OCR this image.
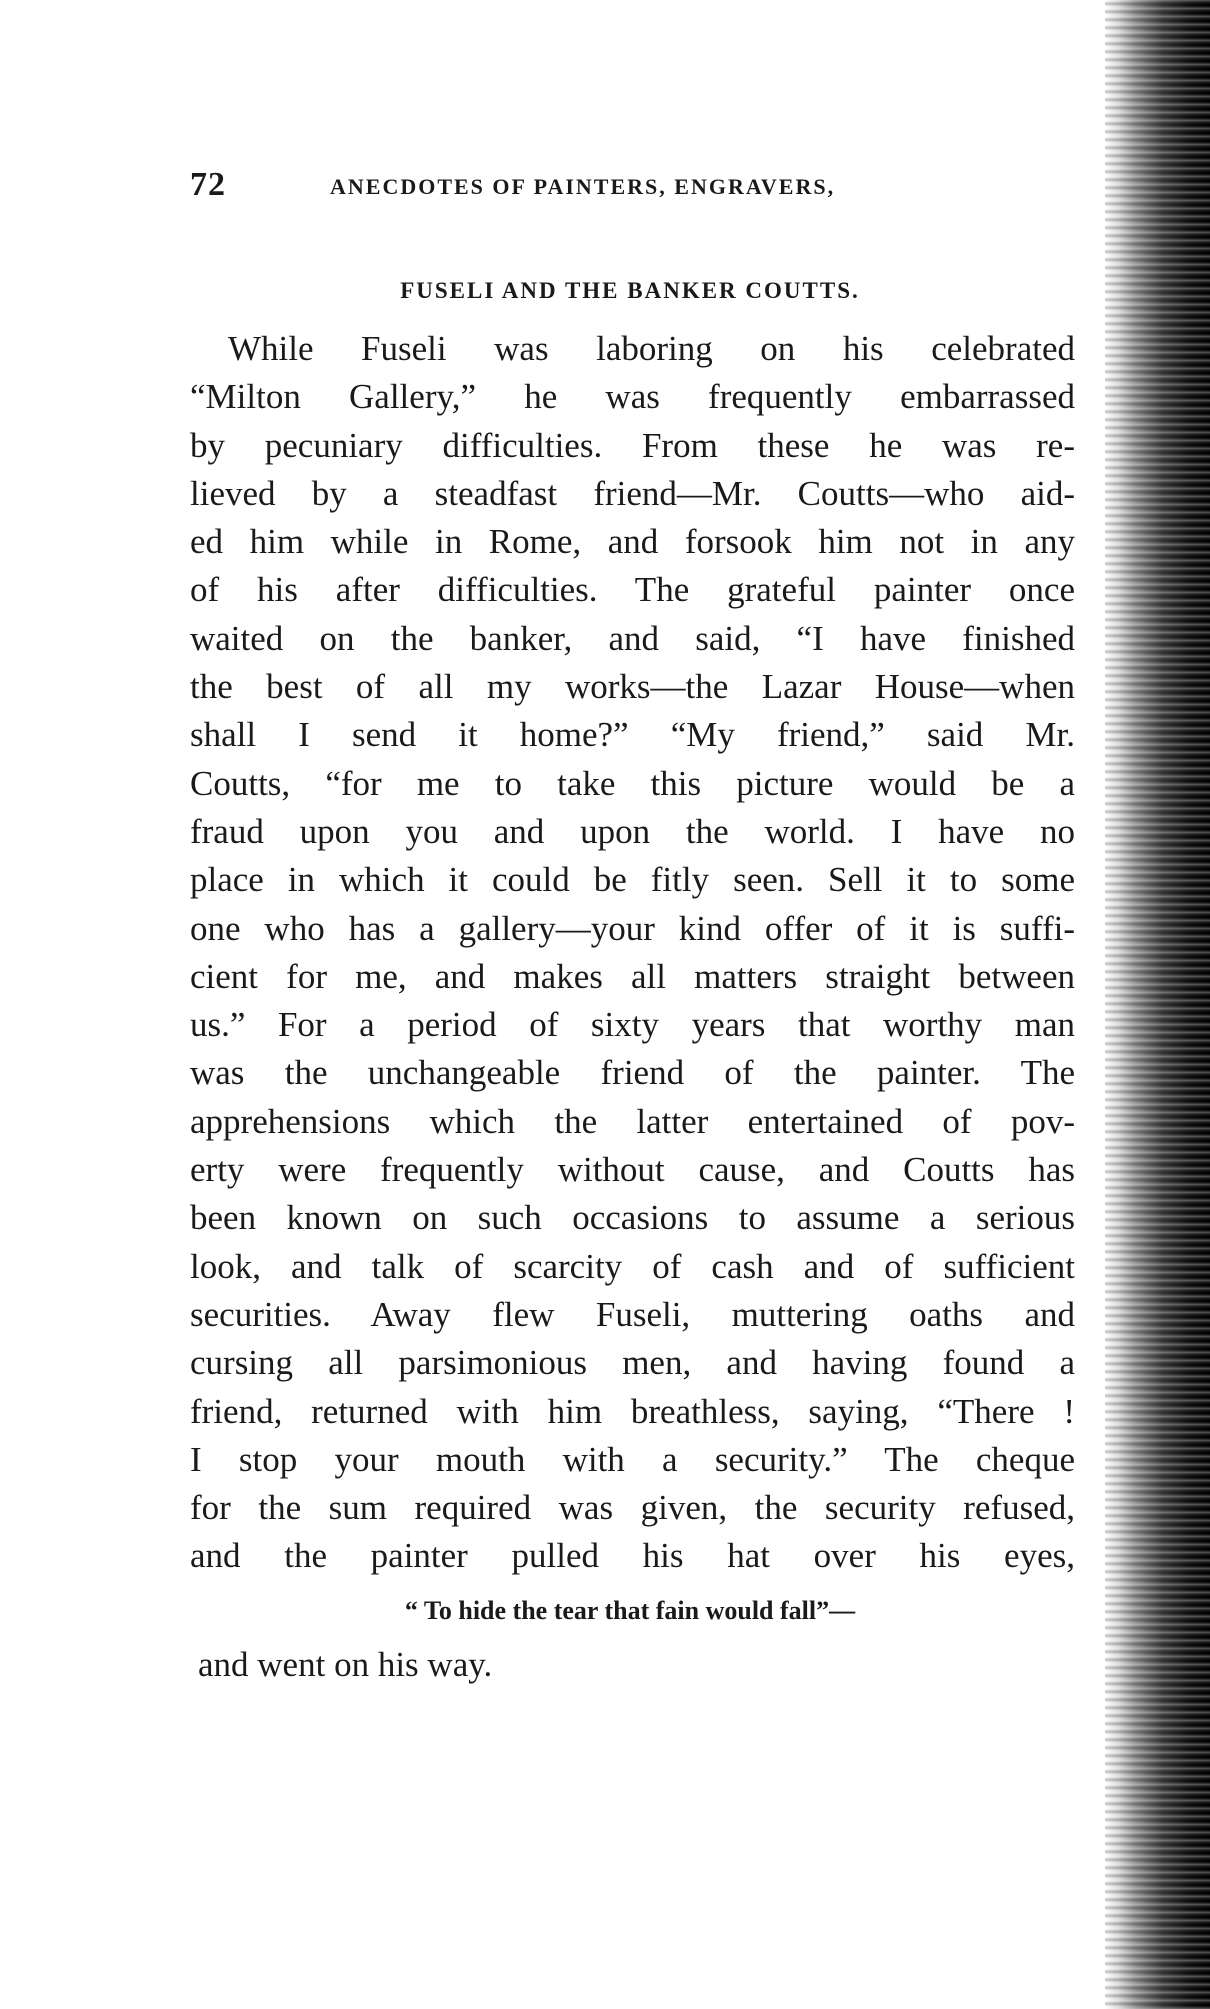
72	ANECDOTES OF PAINTERS, ENGRAVERS,
FUSELI AND THE BANKER COUTTS.
While Fuseli was laboring on his celebrated
“Milton Gallery,” he was frequently embarrassed
by pecuniary difficulties. From these he was re-
lieved by a steadfast friend—Mr. Coutts—who aid-
ed him while in Rome, and forsook him not in any
of his after difficulties. The grateful painter once
waited on the banker, and said, “I have finished
the best of all my works—the Lazar House—when
shall I send it home?” “My friend,” said Mr.
Coutts, “for me to take this picture would be a
fraud upon you and upon the world. I have no
place in which it could be fitly seen. Sell it to some
one who has a gallery—your kind offer of it is suffi-
cient for me, and makes all matters straight between
us.” For a period of sixty years that worthy man
was the unchangeable friend of the painter. The
apprehensions which the latter entertained of pov-
erty were frequently without cause, and Coutts has
been known on such occasions to assume a serious
look, and talk of scarcity of cash and of sufficient
securities. Away flew Fuseli, muttering oaths and
cursing all parsimonious men, and having found a
friend, returned with him breathless, saying, “There !
I stop your mouth with a security.” The cheque
for the sum required was given, the security refused,
and the painter pulled his hat over his eyes,
“ To hide the tear that fain would fall”—
and went on his way.
